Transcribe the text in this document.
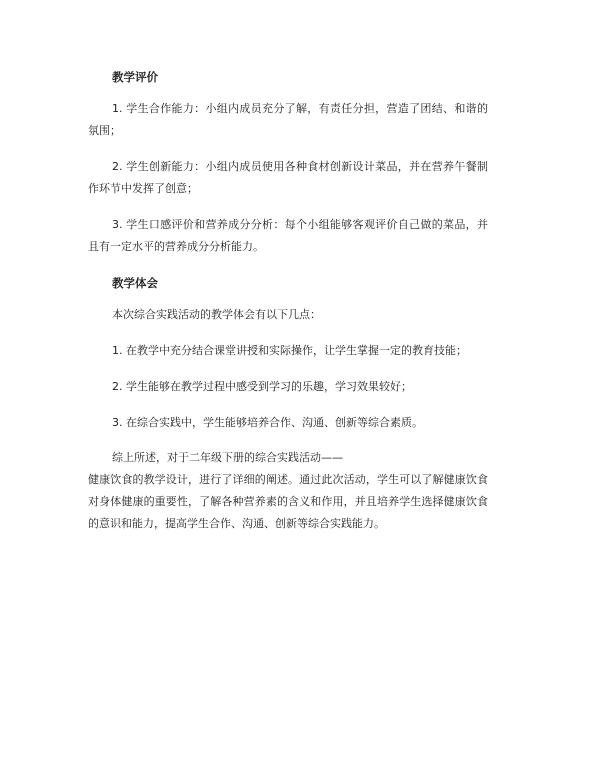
教学评价

1. 学生合作能力：小组内成员充分了解，有责任分担，营造了团结、和谐的氛围；

2. 学生创新能力：小组内成员使用各种食材创新设计菜品，并在营养午餐制作环节中发挥了创意；

3. 学生口感评价和营养成分分析：每个小组能够客观评价自己做的菜品，并且有一定水平的营养成分分析能力。

教学体会

本次综合实践活动的教学体会有以下几点：

1. 在教学中充分结合课堂讲授和实际操作，让学生掌握一定的教育技能；

2. 学生能够在教学过程中感受到学习的乐趣，学习效果较好；

3. 在综合实践中，学生能够培养合作、沟通、创新等综合素质。

综上所述，对于二年级下册的综合实践活动——

健康饮食的教学设计，进行了详细的阐述。通过此次活动，学生可以了解健康饮食对身体健康的重要性，了解各种营养素的含义和作用，并且培养学生选择健康饮食的意识和能力，提高学生合作、沟通、创新等综合实践能力。
